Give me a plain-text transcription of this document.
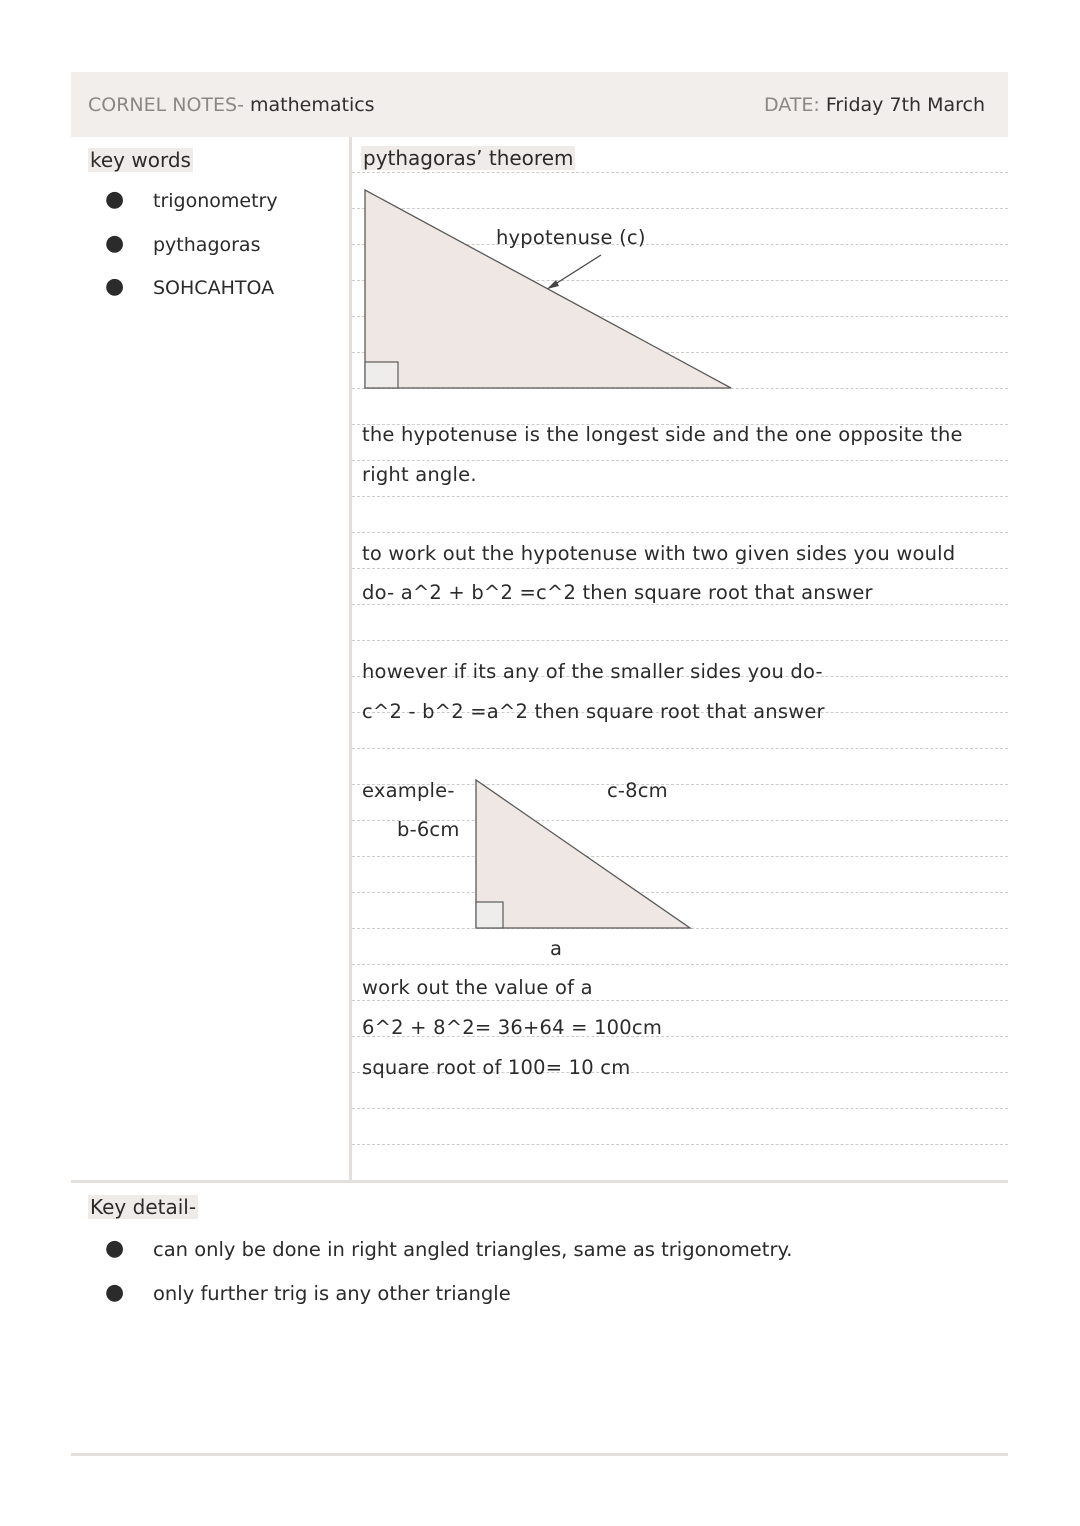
CORNEL NOTES- mathematics	DATE: Friday 7th March
key words
● trigonometry
● pythagoras
● SOHCAHTOA
pythagoras’ theorem
hypotenuse (c)
the hypotenuse is the longest side and the one opposite the
right angle.
to work out the hypotenuse with two given sides you would
do- a^2 + b^2 =c^2 then square root that answer
however if its any of the smaller sides you do-
c^2 - b^2 =a^2 then square root that answer
example-	c-8cm
b-6cm
a
work out the value of a
6^2 + 8^2= 36+64 = 100cm
square root of 100= 10 cm
Key detail-
● can only be done in right angled triangles, same as trigonometry.
● only further trig is any other triangle
